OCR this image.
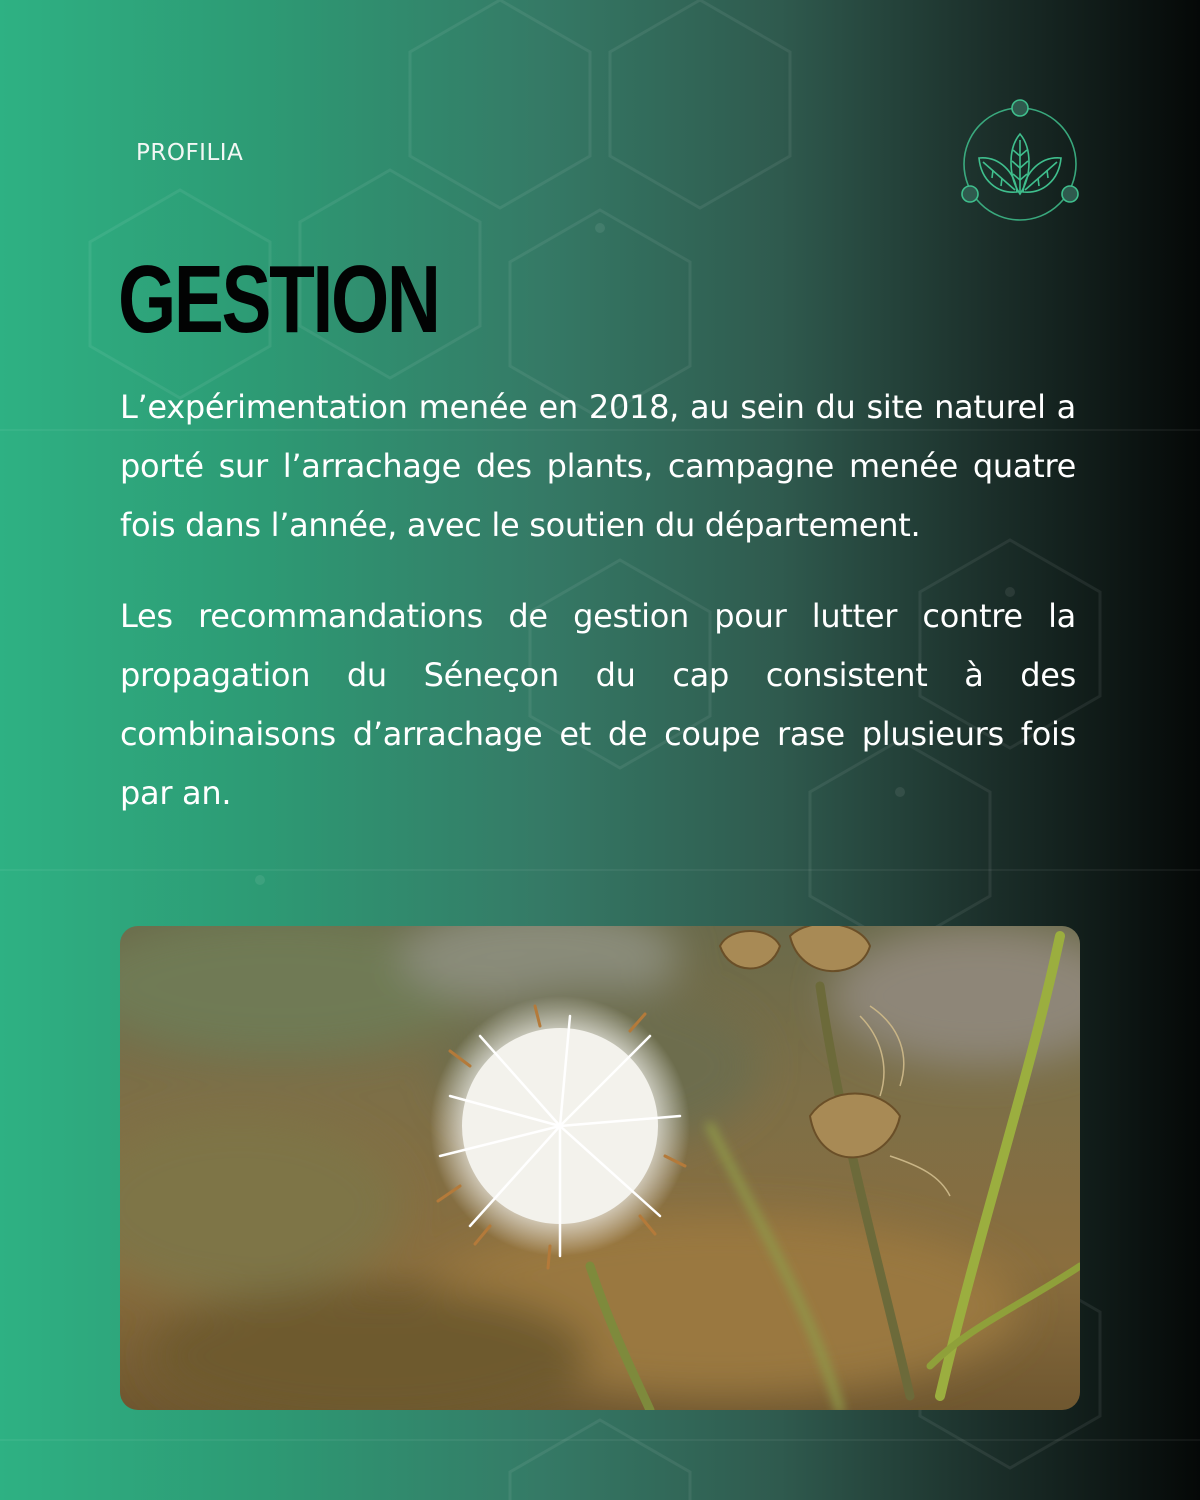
PROFILIA
GESTION

L’expérimentation menée en 2018, au sein du site naturel a porté sur l’arrachage des plants, campagne menée quatre fois dans l’année, avec le soutien du département.

Les recommandations de gestion pour lutter contre la propagation du Séneçon du cap consistent à des combinaisons d’arrachage et de coupe rase plusieurs fois par an.
